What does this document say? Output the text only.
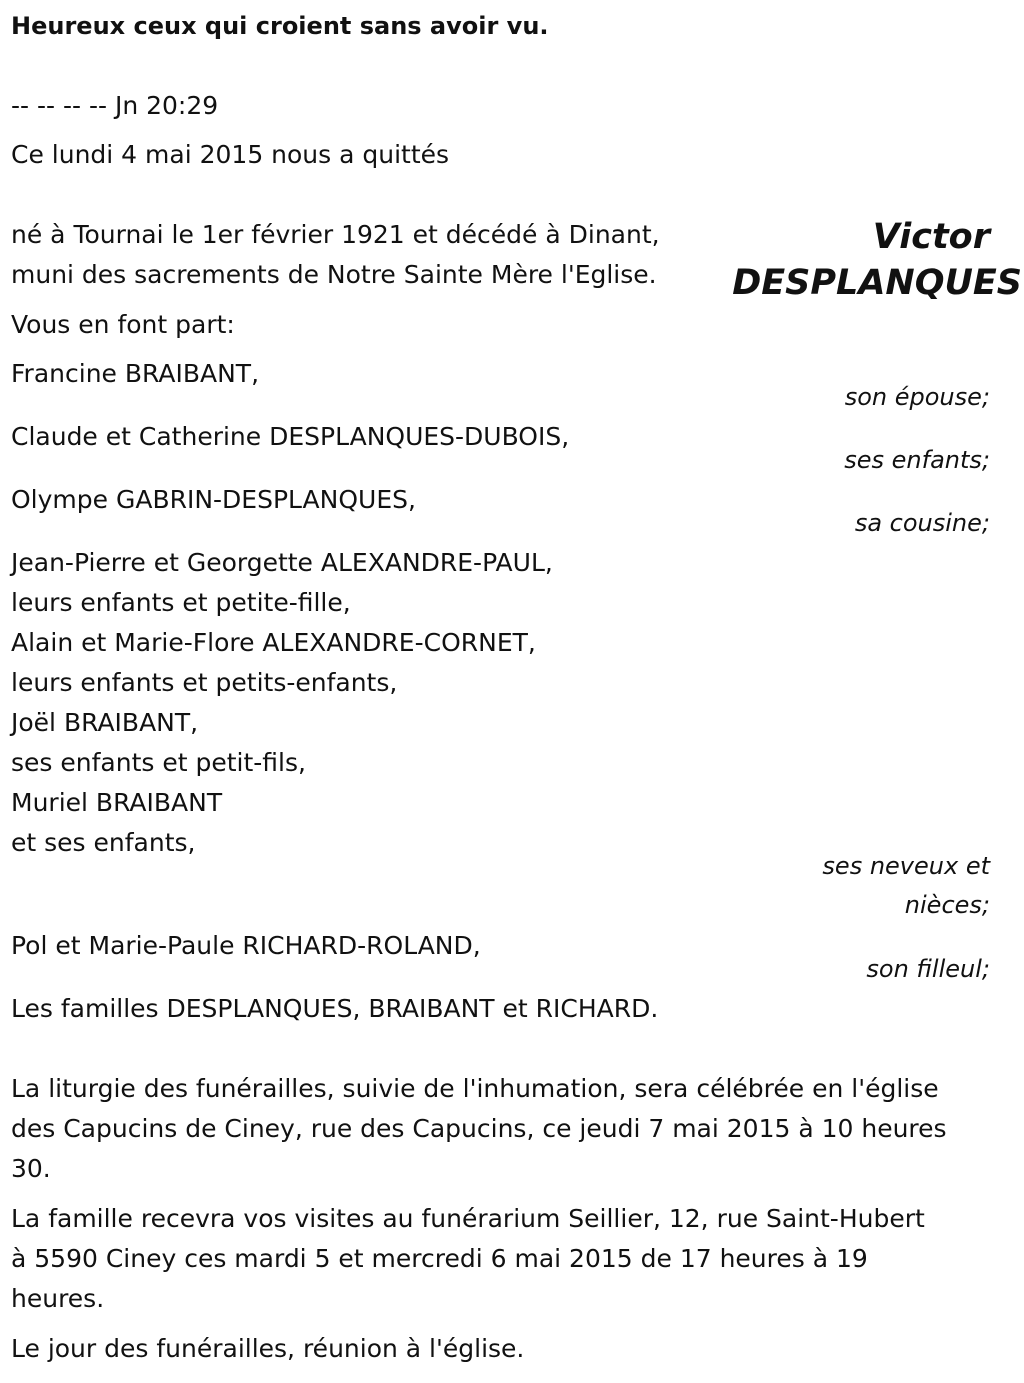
Heureux ceux qui croient sans avoir vu.
-- -- -- -- Jn 20:29
Ce lundi 4 mai 2015 nous a quittés
Victor
DESPLANQUES
né à Tournai le 1er février 1921 et décédé à Dinant,
muni des sacrements de Notre Sainte Mère l'Eglise.
Vous en font part:
Francine BRAIBANT,
son épouse;
Claude et Catherine DESPLANQUES-DUBOIS,
ses enfants;
Olympe GABRIN-DESPLANQUES,
sa cousine;
Jean-Pierre et Georgette ALEXANDRE-PAUL,
leurs enfants et petite-fille,
Alain et Marie-Flore ALEXANDRE-CORNET,
leurs enfants et petits-enfants,
Joël BRAIBANT,
ses enfants et petit-fils,
Muriel BRAIBANT
et ses enfants,
ses neveux et
nièces;
Pol et Marie-Paule RICHARD-ROLAND,
son filleul;
Les familles DESPLANQUES, BRAIBANT et RICHARD.
La liturgie des funérailles, suivie de l'inhumation, sera célébrée en l'église
des Capucins de Ciney, rue des Capucins, ce jeudi 7 mai 2015 à 10 heures
30.
La famille recevra vos visites au funérarium Seillier, 12, rue Saint-Hubert
à 5590 Ciney ces mardi 5 et mercredi 6 mai 2015 de 17 heures à 19
heures.
Le jour des funérailles, réunion à l'église.
